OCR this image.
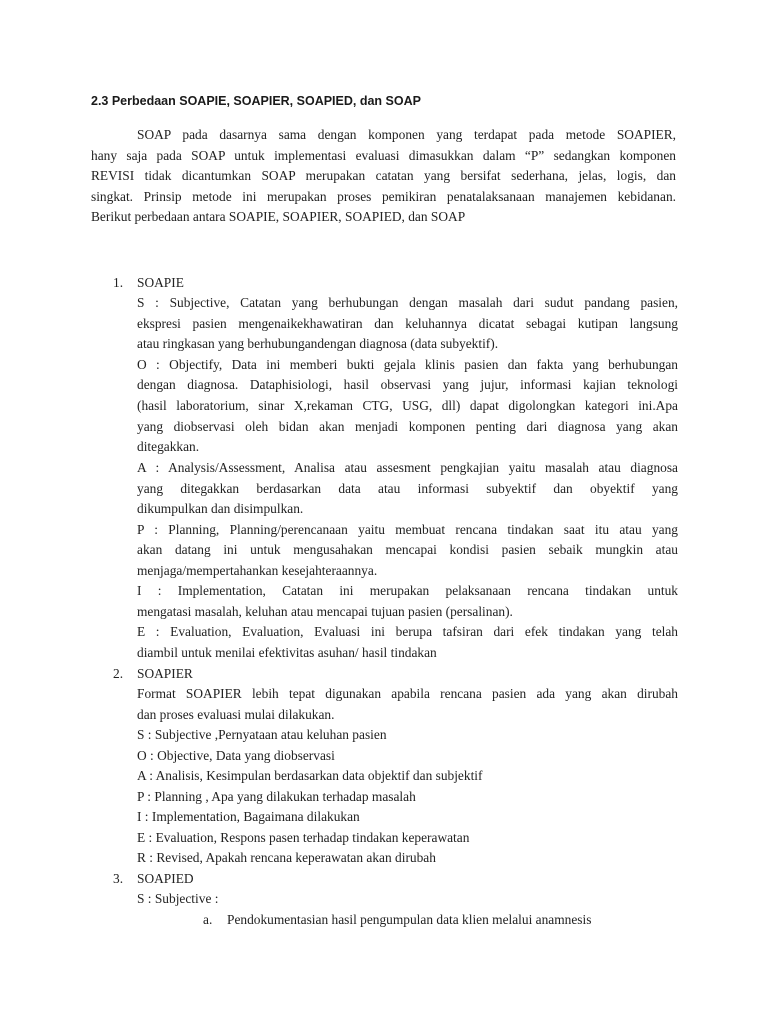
2.3 Perbedaan SOAPIE, SOAPIER, SOAPIED, dan SOAP
SOAP pada dasarnya sama dengan komponen yang terdapat pada metode SOAPIER,
hany saja pada SOAP untuk implementasi evaluasi dimasukkan dalam “P” sedangkan komponen
REVISI tidak dicantumkan SOAP merupakan catatan yang bersifat sederhana, jelas, logis, dan
singkat. Prinsip metode ini merupakan proses pemikiran penatalaksanaan manajemen kebidanan.
Berikut perbedaan antara SOAPIE, SOAPIER, SOAPIED, dan SOAP
1. SOAPIE
S : Subjective, Catatan yang berhubungan dengan masalah dari sudut pandang pasien,
ekspresi pasien mengenaikekhawatiran dan keluhannya dicatat sebagai kutipan langsung
atau ringkasan yang berhubungandengan diagnosa (data subyektif).
O : Objectify, Data ini memberi bukti gejala klinis pasien dan fakta yang berhubungan
dengan diagnosa. Dataphisiologi, hasil observasi yang jujur, informasi kajian teknologi
(hasil laboratorium, sinar X,rekaman CTG, USG, dll) dapat digolongkan kategori ini.Apa
yang diobservasi oleh bidan akan menjadi komponen penting dari diagnosa yang akan
ditegakkan.
A : Analysis/Assessment, Analisa atau assesment pengkajian yaitu masalah atau diagnosa
yang ditegakkan berdasarkan data atau informasi subyektif dan obyektif yang
dikumpulkan dan disimpulkan.
P : Planning, Planning/perencanaan yaitu membuat rencana tindakan saat itu atau yang
akan datang ini untuk mengusahakan mencapai kondisi pasien sebaik mungkin atau
menjaga/mempertahankan kesejahteraannya.
I : Implementation, Catatan ini merupakan pelaksanaan rencana tindakan untuk
mengatasi masalah, keluhan atau mencapai tujuan pasien (persalinan).
E : Evaluation, Evaluation, Evaluasi ini berupa tafsiran dari efek tindakan yang telah
diambil untuk menilai efektivitas asuhan/ hasil tindakan
2. SOAPIER
Format SOAPIER lebih tepat digunakan apabila rencana pasien ada yang akan dirubah
dan proses evaluasi mulai dilakukan.
S : Subjective ,Pernyataan atau keluhan pasien
O : Objective, Data yang diobservasi
A : Analisis, Kesimpulan berdasarkan data objektif dan subjektif
P : Planning , Apa yang dilakukan terhadap masalah
I : Implementation, Bagaimana dilakukan
E : Evaluation, Respons pasen terhadap tindakan keperawatan
R : Revised, Apakah rencana keperawatan akan dirubah
3. SOAPIED
S : Subjective :
a. Pendokumentasian hasil pengumpulan data klien melalui anamnesis
